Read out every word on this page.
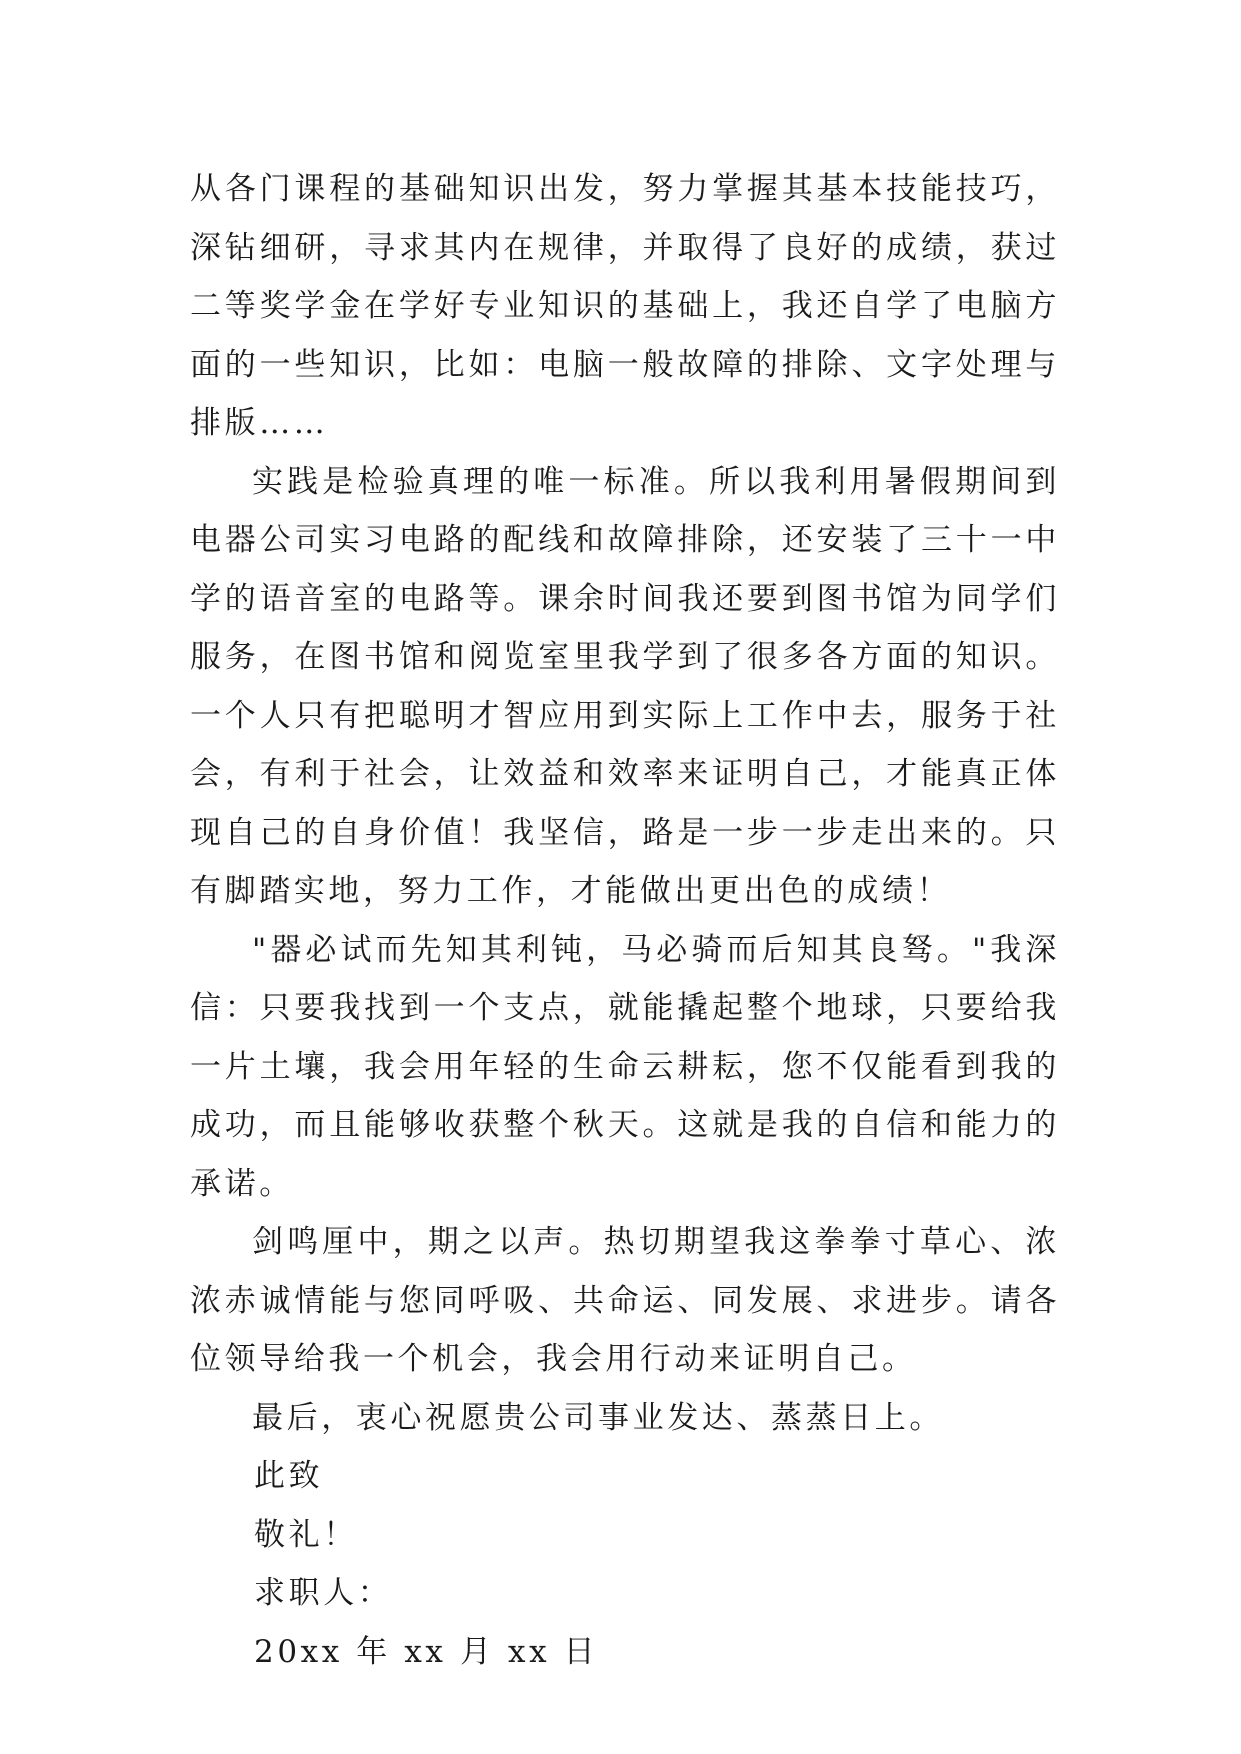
从各门课程的基础知识出发，努力掌握其基本技能技巧，深钻细研，寻求其内在规律，并取得了良好的成绩，获过二等奖学金在学好专业知识的基础上，我还自学了电脑方面的一些知识，比如：电脑一般故障的排除、文字处理与排版……

实践是检验真理的唯一标准。所以我利用暑假期间到电器公司实习电路的配线和故障排除，还安装了三十一中学的语音室的电路等。课余时间我还要到图书馆为同学们服务，在图书馆和阅览室里我学到了很多各方面的知识。一个人只有把聪明才智应用到实际上工作中去，服务于社会，有利于社会，让效益和效率来证明自己，才能真正体现自己的自身价值！我坚信，路是一步一步走出来的。只有脚踏实地，努力工作，才能做出更出色的成绩！

"器必试而先知其利钝，马必骑而后知其良驽。"我深信：只要我找到一个支点，就能撬起整个地球，只要给我一片土壤，我会用年轻的生命云耕耘，您不仅能看到我的成功，而且能够收获整个秋天。这就是我的自信和能力的承诺。

剑鸣厘中，期之以声。热切期望我这拳拳寸草心、浓浓赤诚情能与您同呼吸、共命运、同发展、求进步。请各位领导给我一个机会，我会用行动来证明自己。

最后，衷心祝愿贵公司事业发达、蒸蒸日上。

此致

敬礼！

求职人：

20xx 年 xx 月 xx 日
